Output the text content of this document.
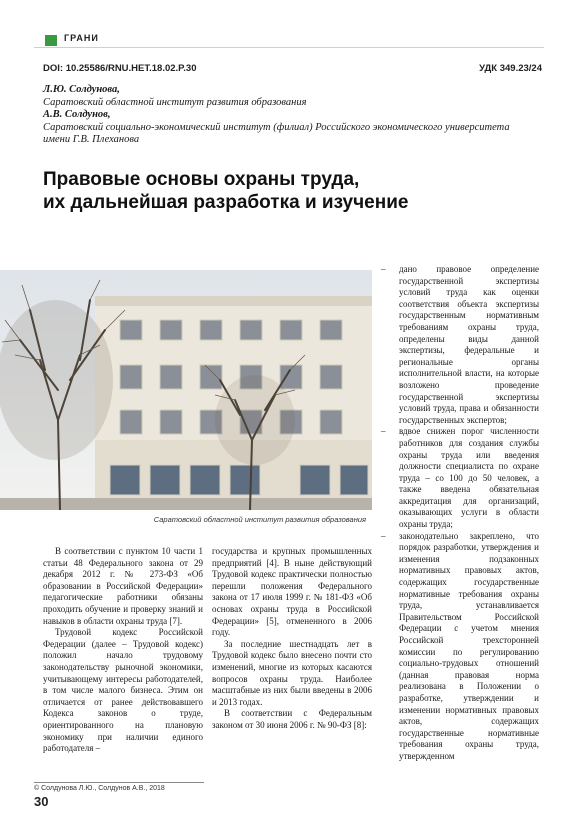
ГРАНИ
DOI: 10.25586/RNU.HET.18.02.P.30	УДК 349.23/24
Л.Ю. Солдунова,
Саратовский областной институт развития образования
А.В. Солдунов,
Саратовский социально-экономический институт (филиал) Российского экономического университета имени Г.В. Плеханова
Правовые основы охраны труда,
их дальнейшая разработка и изучение
Саратовский областной институт развития образования

В соответствии с пунктом 10 части 1 статьи 48 Федерального закона от 29 декабря 2012 г. № 273-ФЗ «Об образовании в Российской Федерации» педагогические работники обязаны проходить обучение и проверку знаний и навыков в области охраны труда [7].

Трудовой кодекс Российской Федерации (далее – Трудовой кодекс) положил начало трудовому законодательству рыночной экономики, учитывающему интересы работодателей, в том числе малого бизнеса. Этим он отличается от ранее действовавшего Кодекса законов о труде, ориентированного на плановую экономику при наличии единого работодателя –

государства и крупных промышленных предприятий [4]. В ныне действующий Трудовой кодекс практически полностью перешли положения Федерального закона от 17 июля 1999 г. № 181-ФЗ «Об основах охраны труда в Российской Федерации» [5], отмененного в 2006 году.

За последние шестнадцать лет в Трудовой кодекс было внесено почти сто изменений, многие из которых касаются вопросов охраны труда. Наиболее масштабные из них были введены в 2006 и 2013 годах.

В соответствии с Федеральным законом от 30 июня 2006 г. № 90-ФЗ [8]:

– дано правовое определение государственной экспертизы условий труда как оценки соответствия объекта экспертизы государственным нормативным требованиям охраны труда, определены виды данной экспертизы, федеральные и региональные органы исполнительной власти, на которые возложено проведение государственной экспертизы условий труда, права и обязанности государственных экспертов;
– вдвое снижен порог численности работников для создания службы охраны труда или введения должности специалиста по охране труда – со 100 до 50 человек, а также введена обязательная аккредитация для организаций, оказывающих услуги в области охраны труда;
– законодательно закреплено, что порядок разработки, утверждения и изменения подзаконных нормативных правовых актов, содержащих государственные нормативные требования охраны труда, устанавливается Правительством Российской Федерации с учетом мнения Российской трехсторонней комиссии по регулированию социально-трудовых отношений (данная правовая норма реализована в Положении о разработке, утверждении и изменении нормативных правовых актов, содержащих государственные нормативные требования охраны труда, утвержденном
© Солдунова Л.Ю., Солдунов А.В., 2018
30
